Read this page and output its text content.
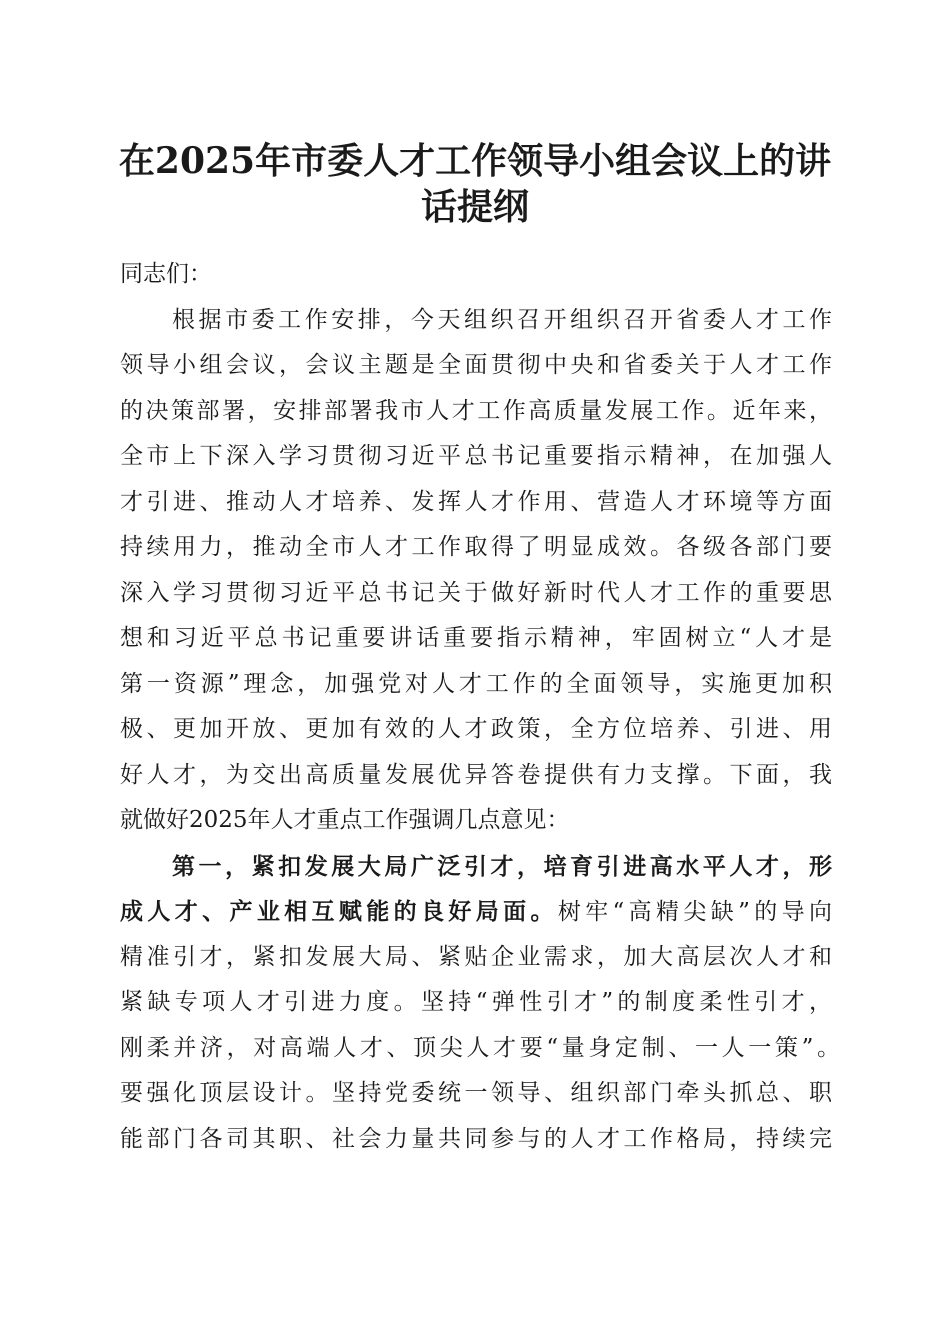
在2025年市委人才工作领导小组会议上的讲
话提纲
同志们：
根据市委工作安排，今天组织召开组织召开省委人才工作
领导小组会议，会议主题是全面贯彻中央和省委关于人才工作
的决策部署，安排部署我市人才工作高质量发展工作。近年来，
全市上下深入学习贯彻习近平总书记重要指示精神，在加强人
才引进、推动人才培养、发挥人才作用、营造人才环境等方面
持续用力，推动全市人才工作取得了明显成效。各级各部门要
深入学习贯彻习近平总书记关于做好新时代人才工作的重要思
想和习近平总书记重要讲话重要指示精神，牢固树立“人才是
第一资源”理念，加强党对人才工作的全面领导，实施更加积
极、更加开放、更加有效的人才政策，全方位培养、引进、用
好人才，为交出高质量发展优异答卷提供有力支撑。下面，我
就做好2025年人才重点工作强调几点意见：
第一，紧扣发展大局广泛引才，培育引进高水平人才，形
成人才、产业相互赋能的良好局面。树牢“高精尖缺”的导向
精准引才，紧扣发展大局、紧贴企业需求，加大高层次人才和
紧缺专项人才引进力度。坚持“弹性引才”的制度柔性引才，
刚柔并济，对高端人才、顶尖人才要“量身定制、一人一策”。
要强化顶层设计。坚持党委统一领导、组织部门牵头抓总、职
能部门各司其职、社会力量共同参与的人才工作格局，持续完
